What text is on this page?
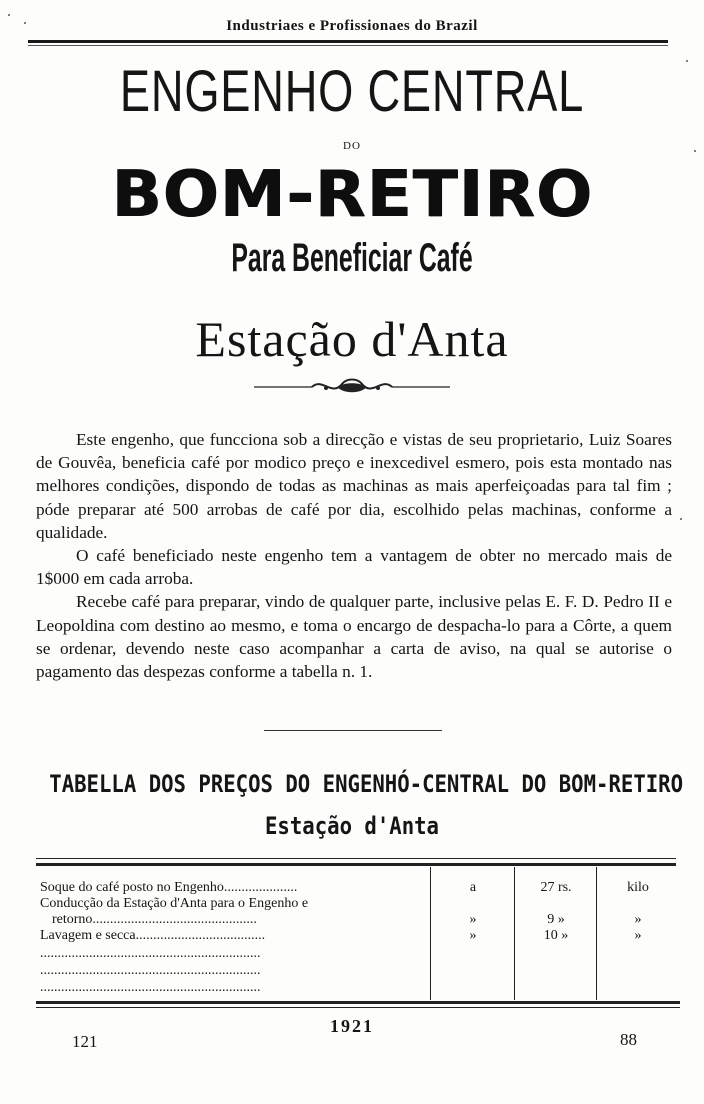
Industriaes e Profissionaes do Brazil
ENGENHO CENTRAL
DO
BOM-RETIRO
Para Beneficiar Café
Estação d'Anta

Este engenho, que funcciona sob a direcção e vistas de seu proprietario, Luiz Soares de Gouvêa, beneficia café por modico preço e inexcedivel esmero, pois esta montado nas melhores condições, dispondo de todas as machinas as mais aperfeiçoadas para tal fim ; póde preparar até 500 arrobas de café por dia, escolhido pelas machinas, conforme a qualidade.

O café beneficiado neste engenho tem a vantagem de obter no mercado mais de 1$000 em cada arroba.

Recebe café para preparar, vindo de qualquer parte, inclusive pelas E. F. D. Pedro II e Leopoldina com destino ao mesmo, e toma o encargo de despacha-lo para a Côrte, a quem se ordenar, devendo neste caso acompanhar a carta de aviso, na qual se autorise o pagamento das despezas conforme a tabella n. 1.

TABELLA DOS PREÇOS DO ENGENHÓ-CENTRAL DO BOM-RETIRO
Estação d'Anta
Soque do café posto no Engenho.....................	a	27 rs.	kilo
Conducção da Estação d'Anta para o Engenho e
retorno...............................................	»	9 »	»
Lavagem e secca.....................................	»	10 »	»
...............................................................
...............................................................
...............................................................
1921
121	88
